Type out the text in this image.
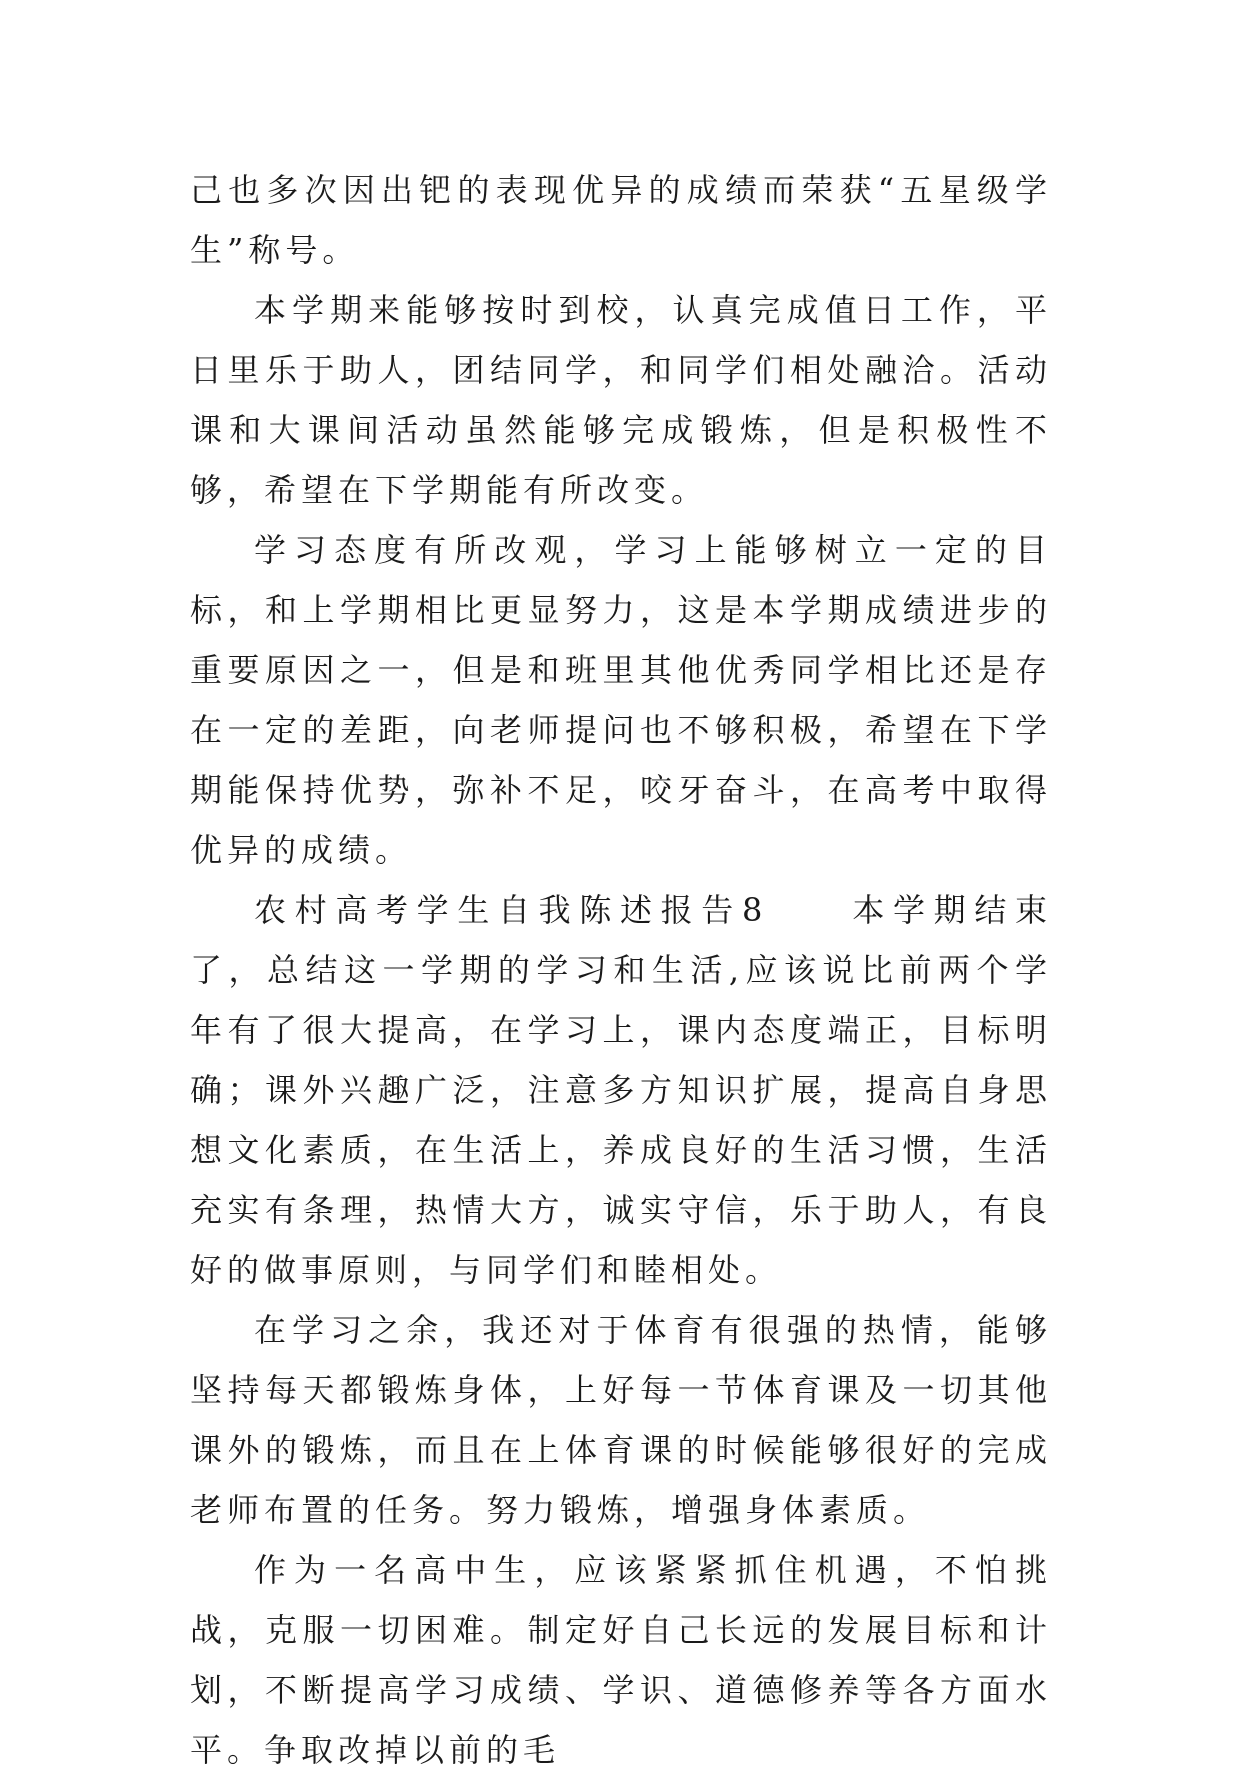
己也多次因出钯的表现优异的成绩而荣获“五星级学生”称号。

本学期来能够按时到校，认真完成值日工作，平日里乐于助人，团结同学，和同学们相处融洽。活动课和大课间活动虽然能够完成锻炼，但是积极性不够，希望在下学期能有所改变。

学习态度有所改观，学习上能够树立一定的目标，和上学期相比更显努力，这是本学期成绩进步的重要原因之一，但是和班里其他优秀同学相比还是存在一定的差距，向老师提问也不够积极，希望在下学期能保持优势，弥补不足，咬牙奋斗，在高考中取得优异的成绩。

农村高考学生自我陈述报告8　　本学期结束了，总结这一学期的学习和生活,应该说比前两个学年有了很大提高，在学习上，课内态度端正，目标明确；课外兴趣广泛，注意多方知识扩展，提高自身思想文化素质，在生活上，养成良好的生活习惯，生活充实有条理，热情大方，诚实守信，乐于助人，有良好的做事原则，与同学们和睦相处。

在学习之余，我还对于体育有很强的热情，能够坚持每天都锻炼身体，上好每一节体育课及一切其他课外的锻炼，而且在上体育课的时候能够很好的完成老师布置的任务。努力锻炼，增强身体素质。

作为一名高中生，应该紧紧抓住机遇，不怕挑战，克服一切困难。制定好自己长远的发展目标和计划，不断提高学习成绩、学识、道德修养等各方面水平。争取改掉以前的毛
